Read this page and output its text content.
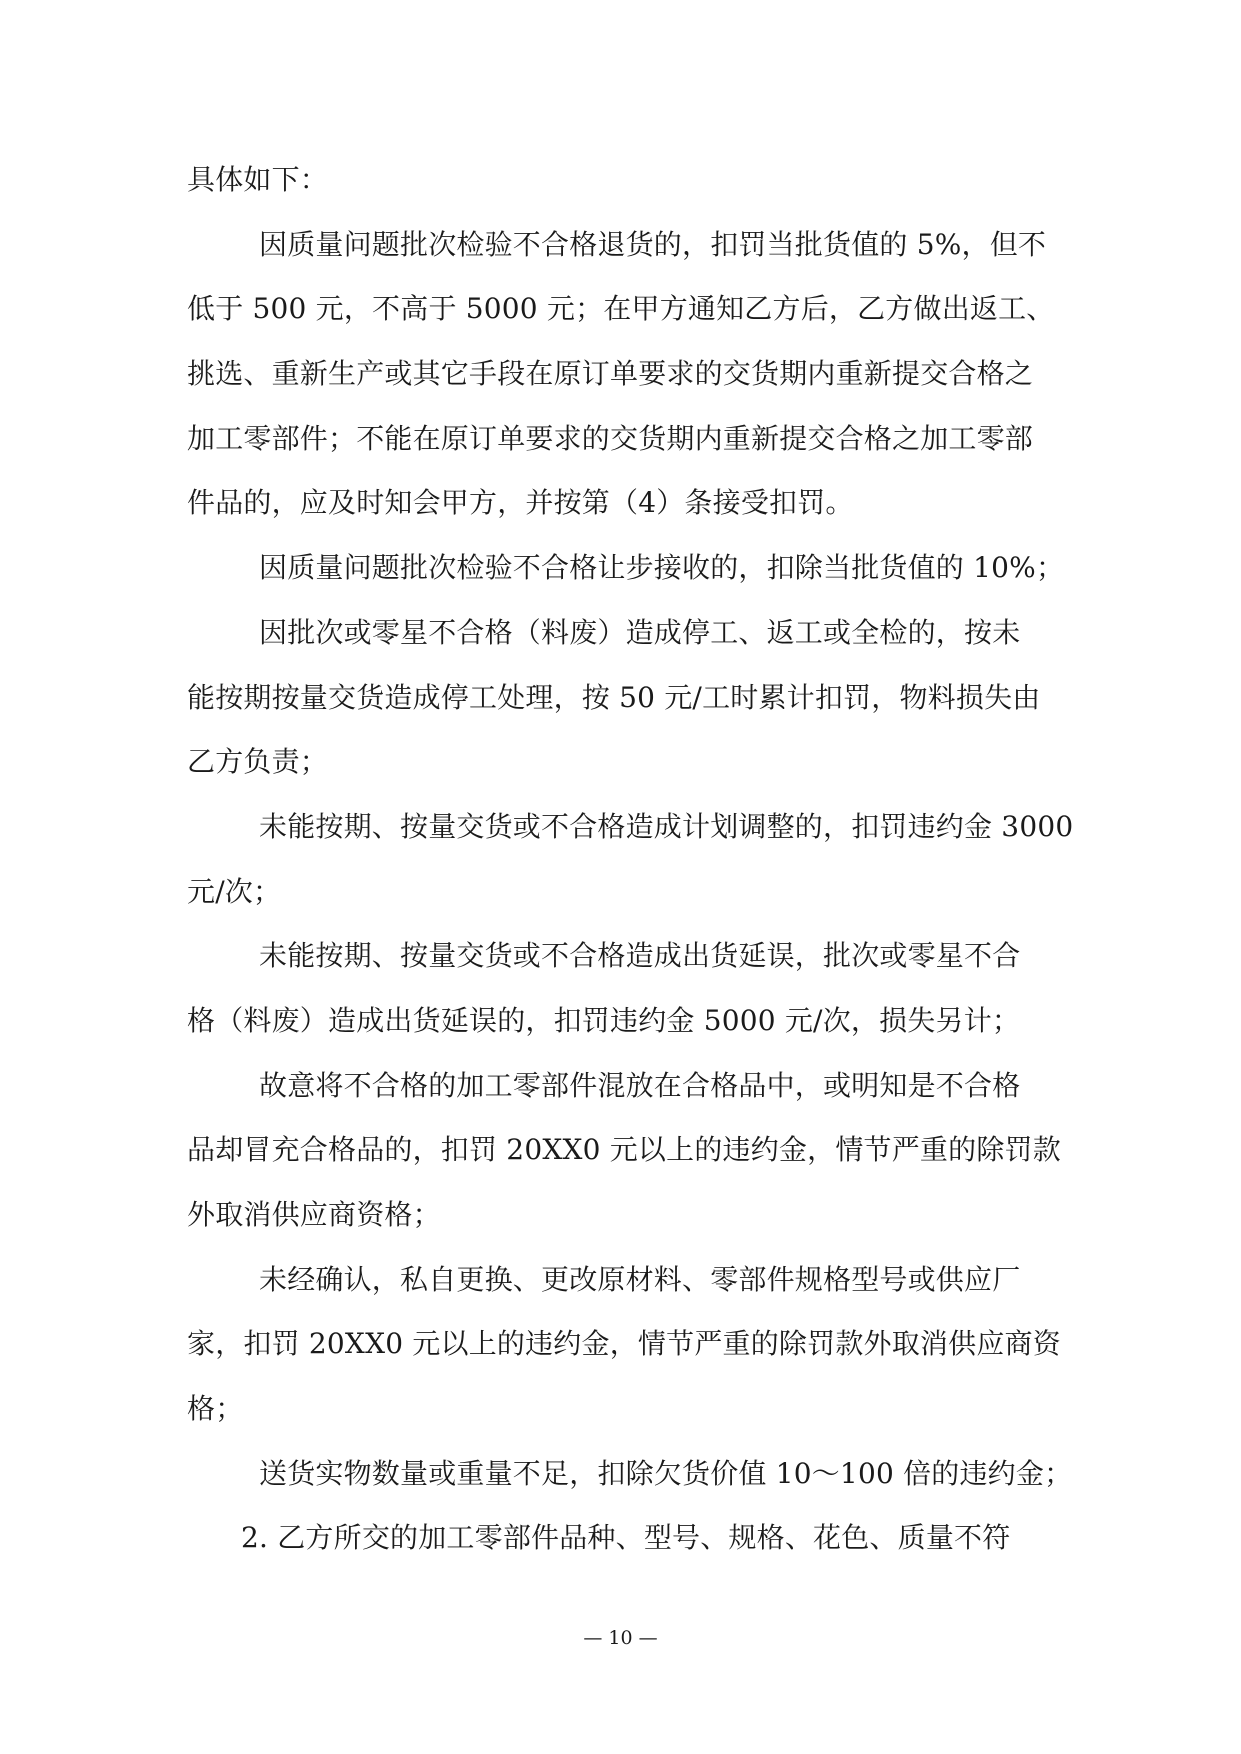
具体如下：
因质量问题批次检验不合格退货的，扣罚当批货值的 5%，但不
低于 500 元，不高于 5000 元；在甲方通知乙方后，乙方做出返工、
挑选、重新生产或其它手段在原订单要求的交货期内重新提交合格之
加工零部件；不能在原订单要求的交货期内重新提交合格之加工零部
件品的，应及时知会甲方，并按第（4）条接受扣罚。
因质量问题批次检验不合格让步接收的，扣除当批货值的 10%；
因批次或零星不合格（料废）造成停工、返工或全检的，按未
能按期按量交货造成停工处理，按 50 元/工时累计扣罚，物料损失由
乙方负责；
未能按期、按量交货或不合格造成计划调整的，扣罚违约金 3000
元/次；
未能按期、按量交货或不合格造成出货延误，批次或零星不合
格（料废）造成出货延误的，扣罚违约金 5000 元/次，损失另计；
故意将不合格的加工零部件混放在合格品中，或明知是不合格
品却冒充合格品的，扣罚 20XX0 元以上的违约金，情节严重的除罚款
外取消供应商资格；
未经确认，私自更换、更改原材料、零部件规格型号或供应厂
家，扣罚 20XX0 元以上的违约金，情节严重的除罚款外取消供应商资
格；
送货实物数量或重量不足，扣除欠货价值 10～100 倍的违约金；
2. 乙方所交的加工零部件品种、型号、规格、花色、质量不符
— 10 —
